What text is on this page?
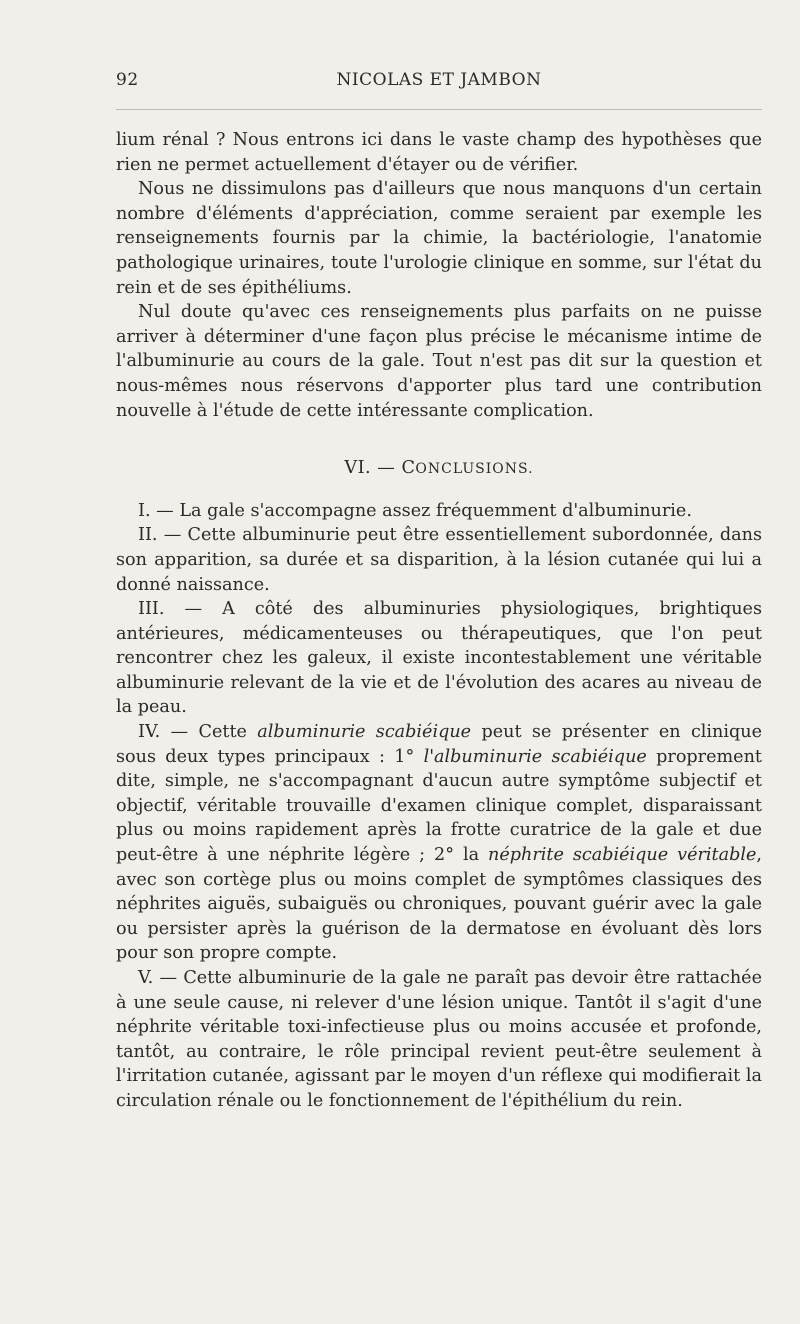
92	NICOLAS ET JAMBON

lium rénal ? Nous entrons ici dans le vaste champ des hypothèses que rien ne permet actuellement d'étayer ou de vérifier.

Nous ne dissimulons pas d'ailleurs que nous manquons d'un certain nombre d'éléments d'appréciation, comme seraient par exemple les renseignements fournis par la chimie, la bactériologie, l'anatomie pathologique urinaires, toute l'urologie clinique en somme, sur l'état du rein et de ses épithéliums.

Nul doute qu'avec ces renseignements plus parfaits on ne puisse arriver à déterminer d'une façon plus précise le mécanisme intime de l'albuminurie au cours de la gale. Tout n'est pas dit sur la question et nous-mêmes nous réservons d'apporter plus tard une contribution nouvelle à l'étude de cette intéressante complication.

VI. — CONCLUSIONS.

I. — La gale s'accompagne assez fréquemment d'albuminurie.

II. — Cette albuminurie peut être essentiellement subordonnée, dans son apparition, sa durée et sa disparition, à la lésion cutanée qui lui a donné naissance.

III. — A côté des albuminuries physiologiques, brightiques antérieures, médicamenteuses ou thérapeutiques, que l'on peut rencontrer chez les galeux, il existe incontestablement une véritable albuminurie relevant de la vie et de l'évolution des acares au niveau de la peau.

IV. — Cette albuminurie scabiéique peut se présenter en clinique sous deux types principaux : 1° l'albuminurie scabiéique proprement dite, simple, ne s'accompagnant d'aucun autre symptôme subjectif et objectif, véritable trouvaille d'examen clinique complet, disparaissant plus ou moins rapidement après la frotte curatrice de la gale et due peut-être à une néphrite légère ; 2° la néphrite scabiéique véritable, avec son cortège plus ou moins complet de symptômes classiques des néphrites aiguës, subaiguës ou chroniques, pouvant guérir avec la gale ou persister après la guérison de la dermatose en évoluant dès lors pour son propre compte.

V. — Cette albuminurie de la gale ne paraît pas devoir être rattachée à une seule cause, ni relever d'une lésion unique. Tantôt il s'agit d'une néphrite véritable toxi-infectieuse plus ou moins accusée et profonde, tantôt, au contraire, le rôle principal revient peut-être seulement à l'irritation cutanée, agissant par le moyen d'un réflexe qui modifierait la circulation rénale ou le fonctionnement de l'épithélium du rein.
